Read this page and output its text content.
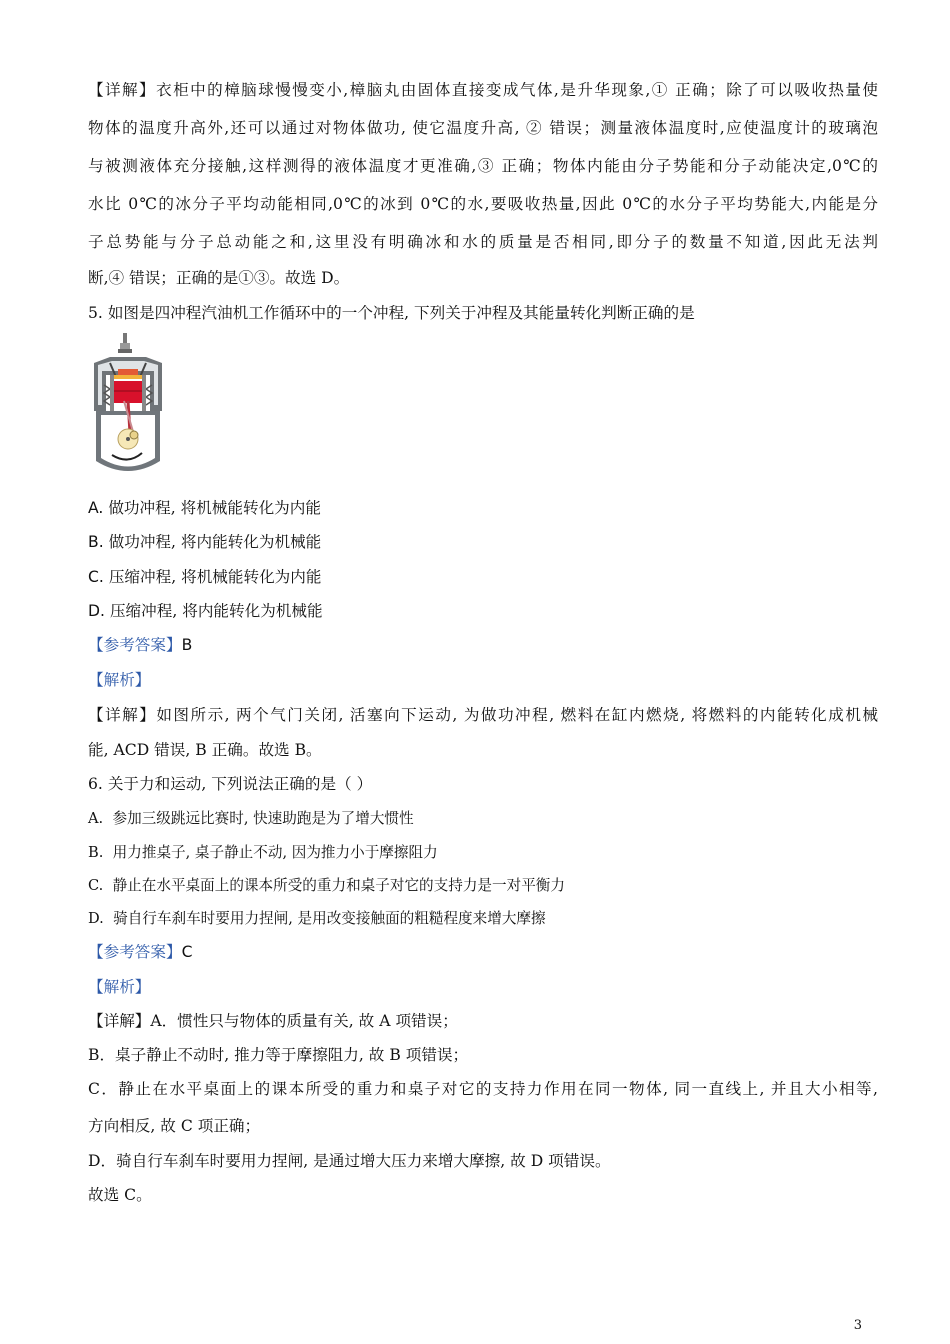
【详解】衣柜中的樟脑球慢慢变小,樟脑丸由固体直接变成气体,是升华现象,① 正确；除了可以吸收热量使
物体的温度升高外,还可以通过对物体做功, 使它温度升高, ② 错误；测量液体温度时,应使温度计的玻璃泡
与被测液体充分接触,这样测得的液体温度才更准确,③ 正确；物体内能由分子势能和分子动能决定,0℃的
水比 0℃的冰分子平均动能相同,0℃的冰到 0℃的水,要吸收热量,因此 0℃的水分子平均势能大,内能是分
子总势能与分子总动能之和,这里没有明确冰和水的质量是否相同,即分子的数量不知道,因此无法判
断,④ 错误；正确的是①③。故选 D。
5. 如图是四冲程汽油机工作循环中的一个冲程, 下列关于冲程及其能量转化判断正确的是
A. 做功冲程, 将机械能转化为内能
B. 做功冲程, 将内能转化为机械能
C. 压缩冲程, 将机械能转化为内能
D. 压缩冲程, 将内能转化为机械能
【参考答案】B
【解析】
【详解】如图所示, 两个气门关闭, 活塞向下运动, 为做功冲程, 燃料在缸内燃烧, 将燃料的内能转化成机械
能, ACD 错误, B 正确。故选 B。
6. 关于力和运动, 下列说法正确的是（ ）
A. 参加三级跳远比赛时, 快速助跑是为了增大惯性
B. 用力推桌子, 桌子静止不动, 因为推力小于摩擦阻力
C. 静止在水平桌面上的课本所受的重力和桌子对它的支持力是一对平衡力
D. 骑自行车刹车时要用力捏闸, 是用改变接触面的粗糙程度来增大摩擦
【参考答案】C
【解析】
【详解】A．惯性只与物体的质量有关, 故 A 项错误；
B．桌子静止不动时, 推力等于摩擦阻力, 故 B 项错误；
C．静止在水平桌面上的课本所受的重力和桌子对它的支持力作用在同一物体, 同一直线上, 并且大小相等,
方向相反, 故 C 项正确；
D．骑自行车刹车时要用力捏闸, 是通过增大压力来增大摩擦, 故 D 项错误。
故选 C。
3
